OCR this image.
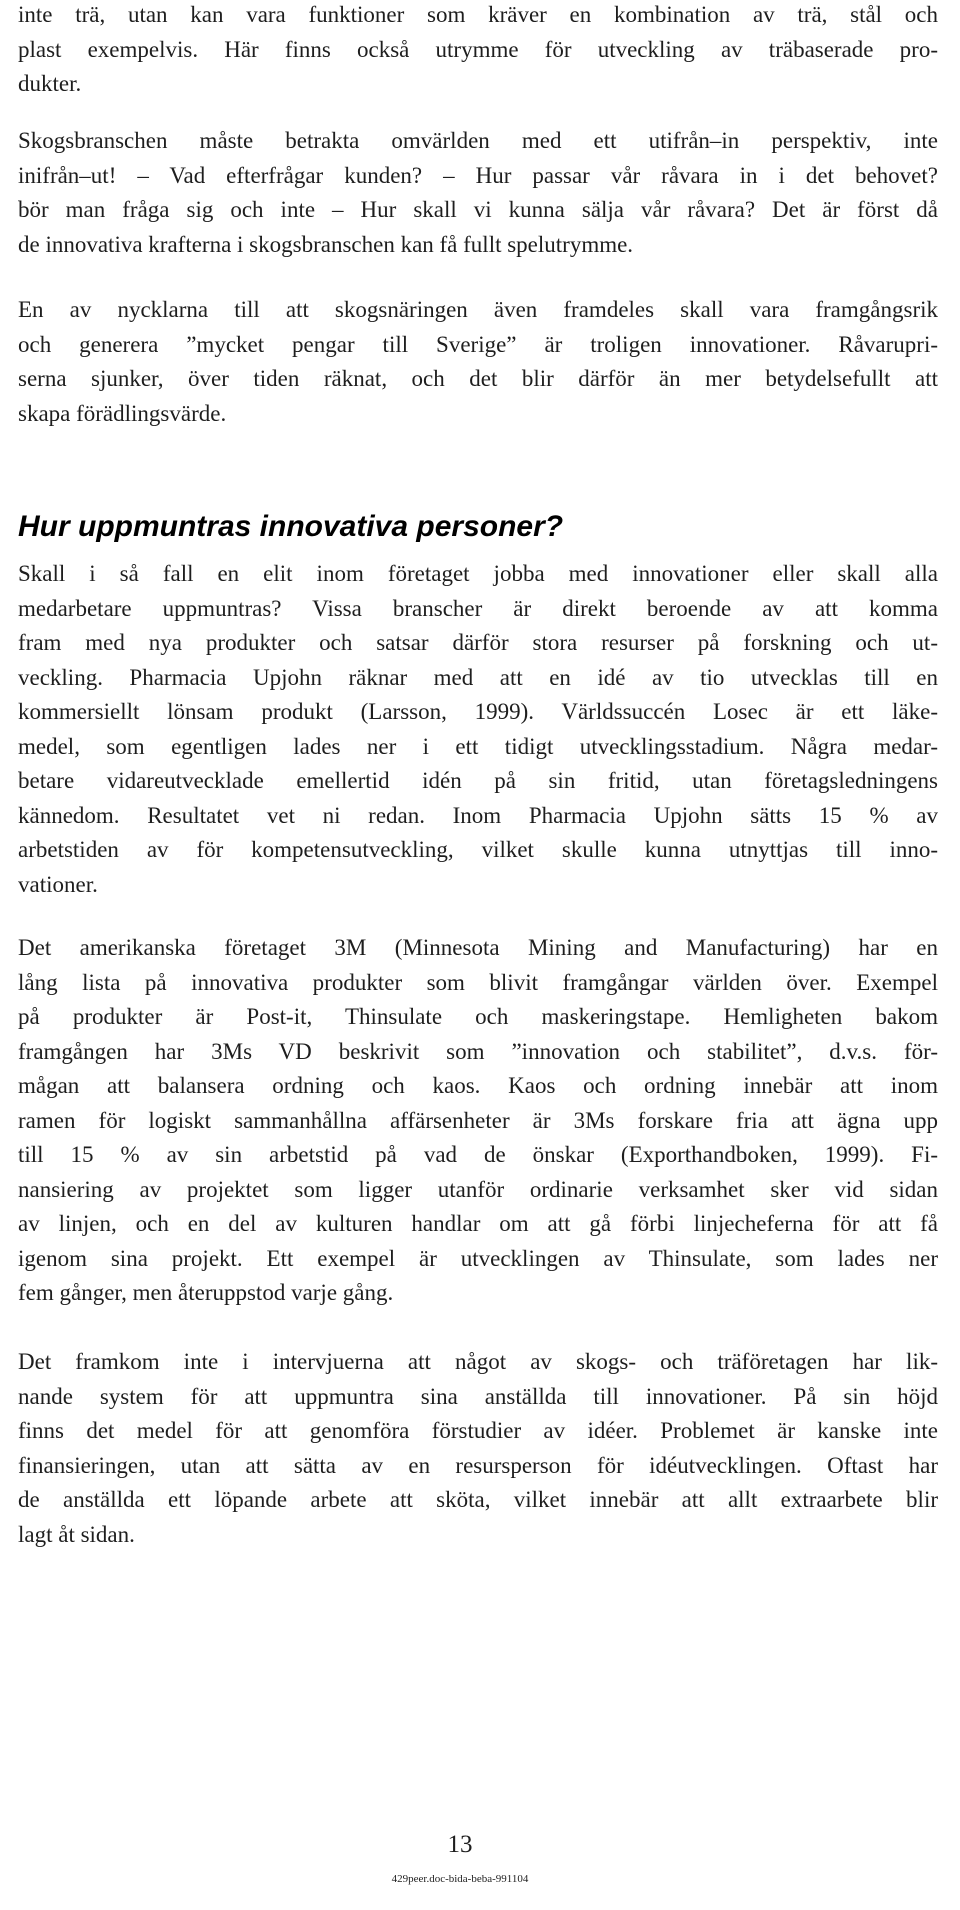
inte trä, utan kan vara funktioner som kräver en kombination av trä, stål och
plast exempelvis. Här finns också utrymme för utveckling av träbaserade pro-
dukter.
Skogsbranschen måste betrakta omvärlden med ett utifrån–in perspektiv, inte
inifrån–ut! – Vad efterfrågar kunden? – Hur passar vår råvara in i det behovet?
bör man fråga sig och inte – Hur skall vi kunna sälja vår råvara? Det är först då
de innovativa krafterna i skogsbranschen kan få fullt spelutrymme.
En av nycklarna till att skogsnäringen även framdeles skall vara framgångsrik
och generera ”mycket pengar till Sverige” är troligen innovationer. Råvarupri-
serna sjunker, över tiden räknat, och det blir därför än mer betydelsefullt att
skapa förädlingsvärde.
Hur uppmuntras innovativa personer?
Skall i så fall en elit inom företaget jobba med innovationer eller skall alla
medarbetare uppmuntras? Vissa branscher är direkt beroende av att komma
fram med nya produkter och satsar därför stora resurser på forskning och ut-
veckling. Pharmacia Upjohn räknar med att en idé av tio utvecklas till en
kommersiellt lönsam produkt (Larsson, 1999). Världssuccén Losec är ett läke-
medel, som egentligen lades ner i ett tidigt utvecklingsstadium. Några medar-
betare vidareutvecklade emellertid idén på sin fritid, utan företagsledningens
kännedom. Resultatet vet ni redan. Inom Pharmacia Upjohn sätts 15 % av
arbetstiden av för kompetensutveckling, vilket skulle kunna utnyttjas till inno-
vationer.
Det amerikanska företaget 3M (Minnesota Mining and Manufacturing) har en
lång lista på innovativa produkter som blivit framgångar världen över. Exempel
på produkter är Post-it, Thinsulate och maskeringstape. Hemligheten bakom
framgången har 3Ms VD beskrivit som ”innovation och stabilitet”, d.v.s. för-
mågan att balansera ordning och kaos. Kaos och ordning innebär att inom
ramen för logiskt sammanhållna affärsenheter är 3Ms forskare fria att ägna upp
till 15 % av sin arbetstid på vad de önskar (Exporthandboken, 1999). Fi-
nansiering av projektet som ligger utanför ordinarie verksamhet sker vid sidan
av linjen, och en del av kulturen handlar om att gå förbi linjecheferna för att få
igenom sina projekt. Ett exempel är utvecklingen av Thinsulate, som lades ner
fem gånger, men återuppstod varje gång.
Det framkom inte i intervjuerna att något av skogs- och träföretagen har lik-
nande system för att uppmuntra sina anställda till innovationer. På sin höjd
finns det medel för att genomföra förstudier av idéer. Problemet är kanske inte
finansieringen, utan att sätta av en resursperson för idéutvecklingen. Oftast har
de anställda ett löpande arbete att sköta, vilket innebär att allt extraarbete blir
lagt åt sidan.
13
429peer.doc-bida-beba-991104
